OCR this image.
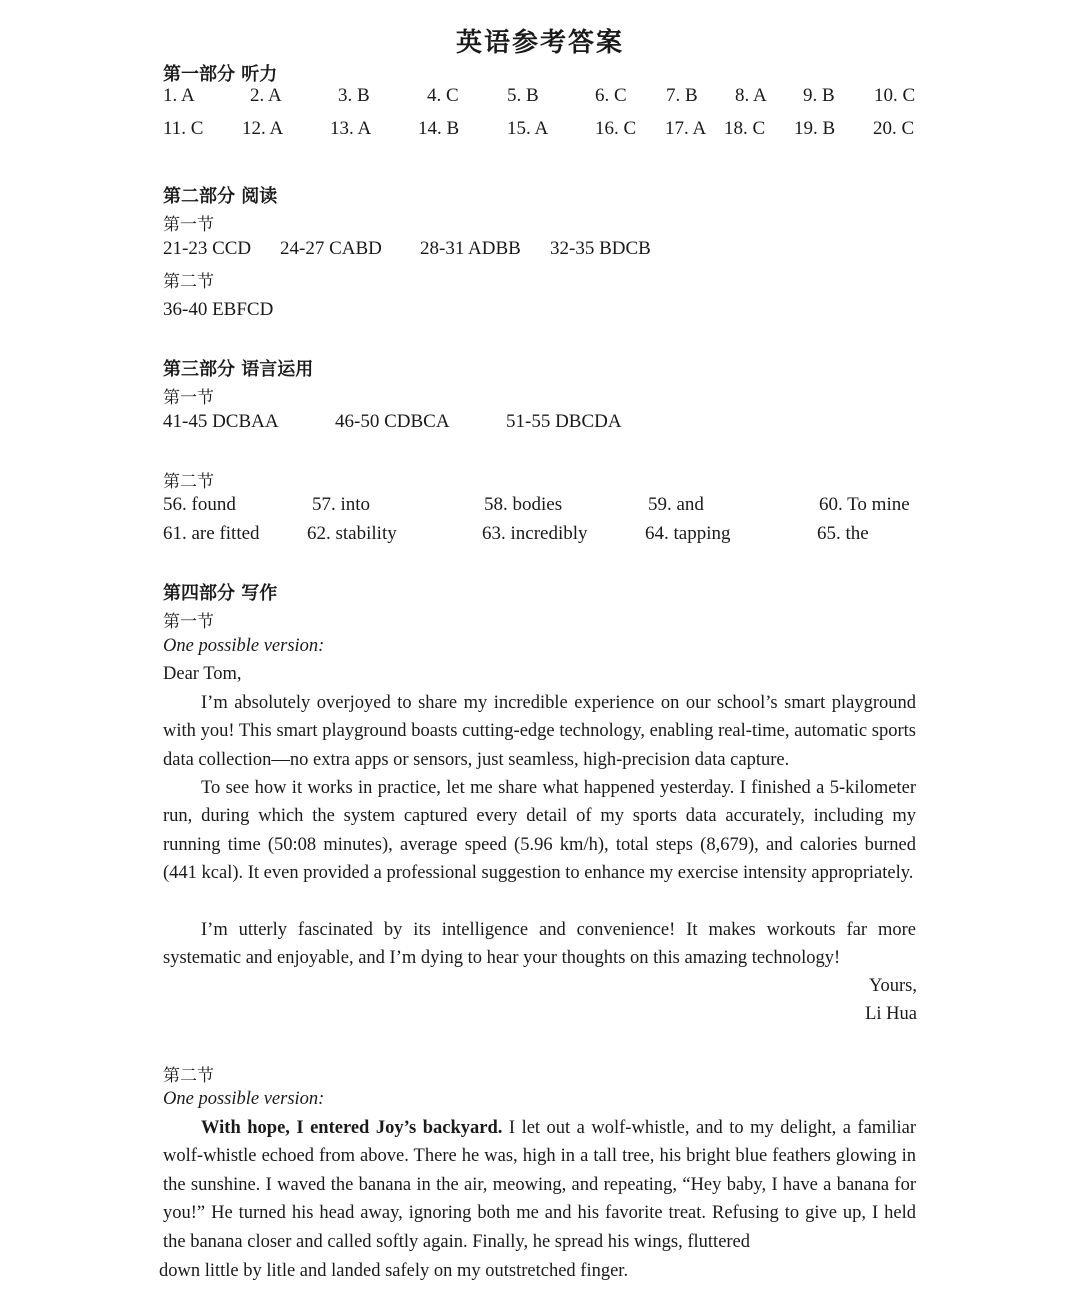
英语参考答案
第一部分 听力
1. A	2. A	3. B	4. C	5. B	6. C 7. B 8. A 9. B 10. C
11. C 12. A 13. A 14. B	15. A 16. C 17. A 18. C 19. B 20. C
第二部分 阅读
第一节
21-23 CCD 24-27 CABD 28-31 ADBB 32-35 BDCB
第二节
36-40 EBFCD
第三部分 语言运用
第一节
41-45 DCBAA	46-50 CDBCA	51-55 DBCDA
第二节
56. found	57. into	58. bodies	59. and	60. To mine
61. are fitted 62. stability	63. incredibly	64. tapping	65. the
第四部分 写作
第一节
One possible version:
Dear Tom,

I’m absolutely overjoyed to share my incredible experience on our school’s smart playground with you! This smart playground boasts cutting-edge technology, enabling real-time, automatic sports data collection—no extra apps or sensors, just seamless, high-precision data capture.

To see how it works in practice, let me share what happened yesterday. I finished a 5-kilometer run, during which the system captured every detail of my sports data accurately, including my running time (50:08 minutes), average speed (5.96 km/h), total steps (8,679), and calories burned (441 kcal). It even provided a professional suggestion to enhance my exercise intensity appropriately.

I’m utterly fascinated by its intelligence and convenience! It makes workouts far more systematic and enjoyable, and I’m dying to hear your thoughts on this amazing technology!

Yours,
Li Hua
第二节
One possible version:

With hope, I entered Joy’s backyard. I let out a wolf-whistle, and to my delight, a familiar wolf-whistle echoed from above. There he was, high in a tall tree, his bright blue feathers glowing in the sunshine. I waved the banana in the air, meowing, and repeating, “Hey baby, I have a banana for you!” He turned his head away, ignoring both me and his favorite treat. Refusing to give up, I held the banana closer and called softly again. Finally, he spread his wings, fluttered

down little by litle and landed safely on my outstretched finger.
